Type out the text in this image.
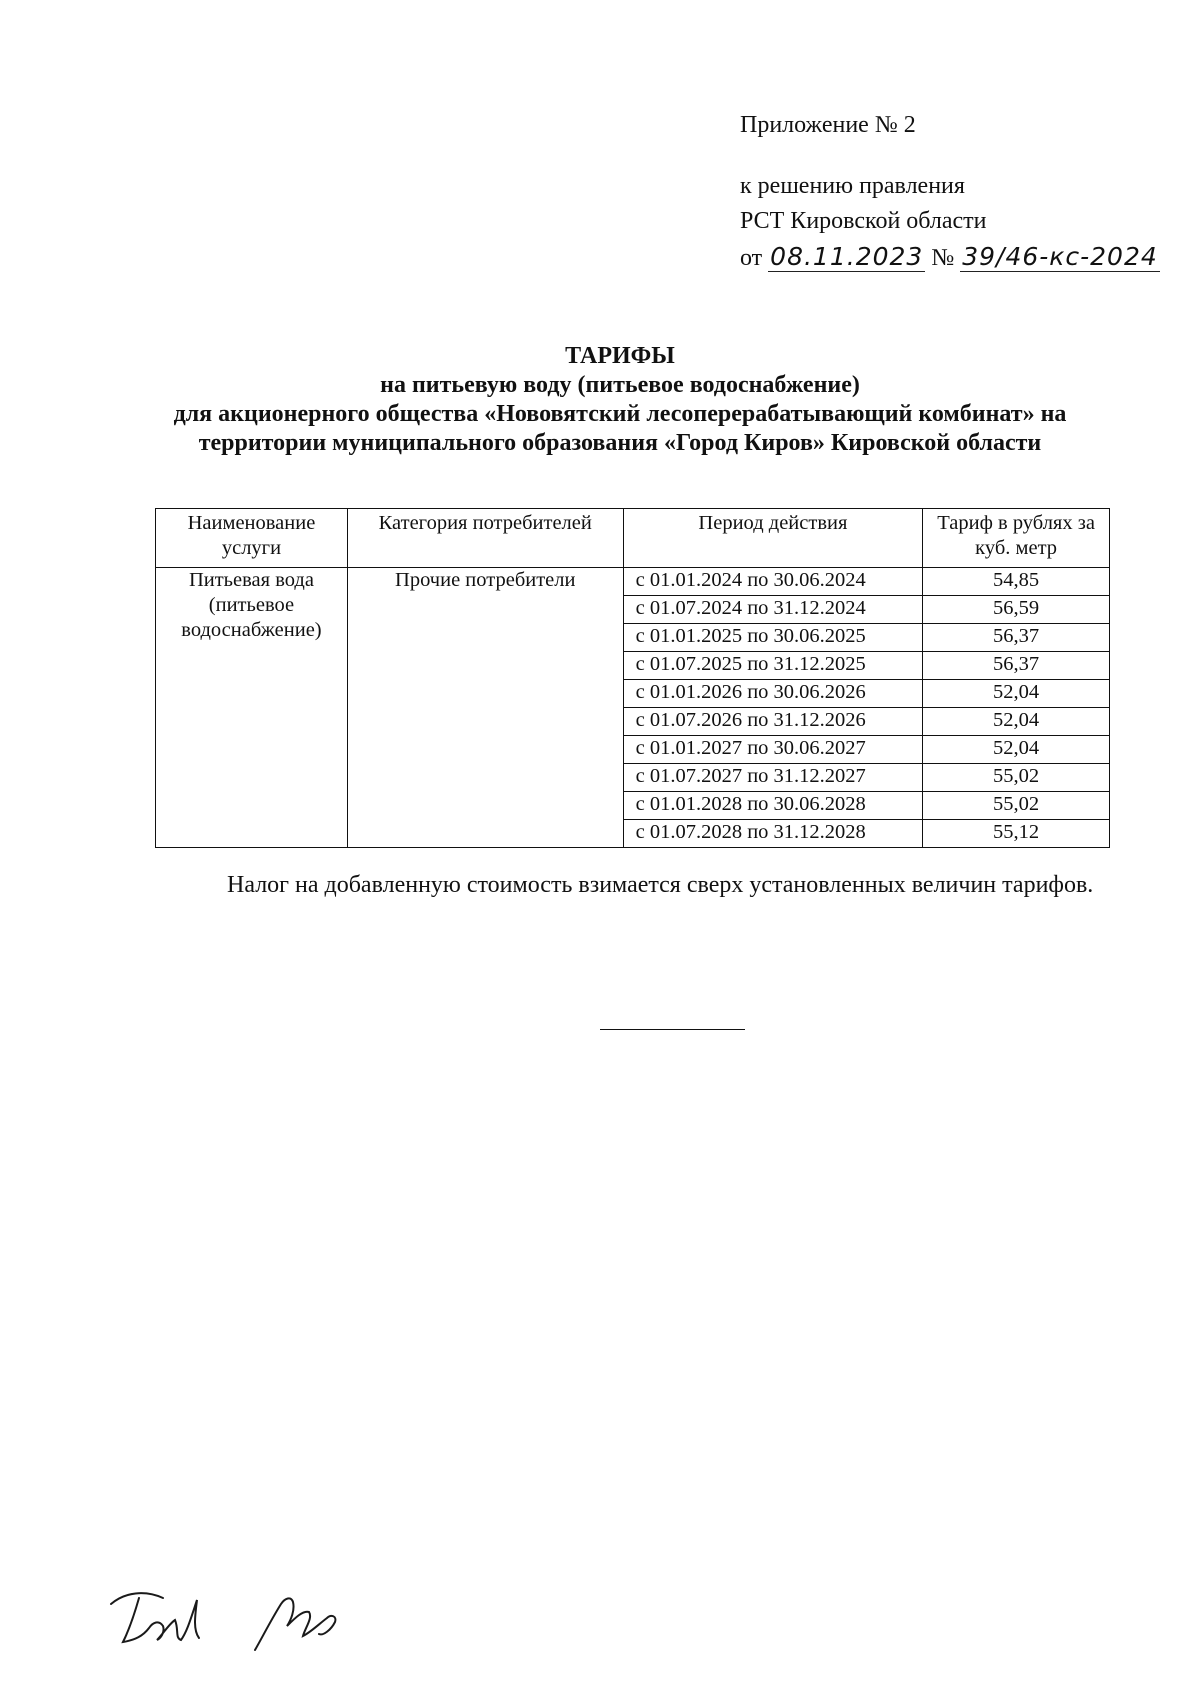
Приложение № 2
к решению правления
РСТ Кировской области
от 08.11.2023 № 39/46-кс-2024
ТАРИФЫ
на питьевую воду (питьевое водоснабжение)
для акционерного общества «Нововятский лесоперерабатывающий комбинат» на территории муниципального образования «Город Киров» Кировской области
Наименование услуги	Категория потребителей	Период действия	Тариф в рублях за куб. метр
Питьевая вода (питьевое водоснабжение)	Прочие потребители	с 01.01.2024 по 30.06.2024	54,85
		с 01.07.2024 по 31.12.2024	56,59
		с 01.01.2025 по 30.06.2025	56,37
		с 01.07.2025 по 31.12.2025	56,37
		с 01.01.2026 по 30.06.2026	52,04
		с 01.07.2026 по 31.12.2026	52,04
		с 01.01.2027 по 30.06.2027	52,04
		с 01.07.2027 по 31.12.2027	55,02
		с 01.01.2028 по 30.06.2028	55,02
		с 01.07.2028 по 31.12.2028	55,12
Налог на добавленную стоимость взимается сверх установленных величин тарифов.
